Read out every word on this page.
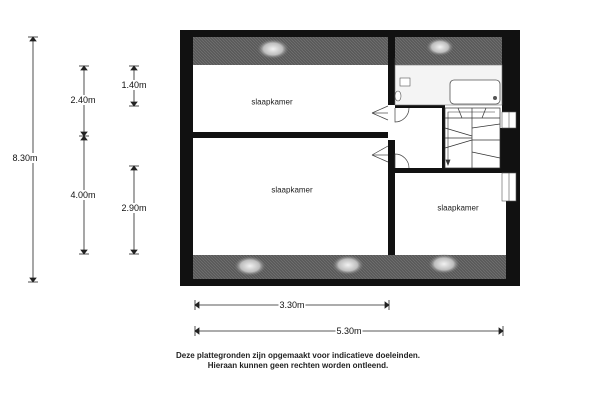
slaapkamer
slaapkamer
slaapkamer
8.30m
2.40m
4.00m
1.40m
2.90m
3.30m
5.30m
Deze plattegronden zijn opgemaakt voor indicatieve doeleinden.
Hieraan kunnen geen rechten worden ontleend.
